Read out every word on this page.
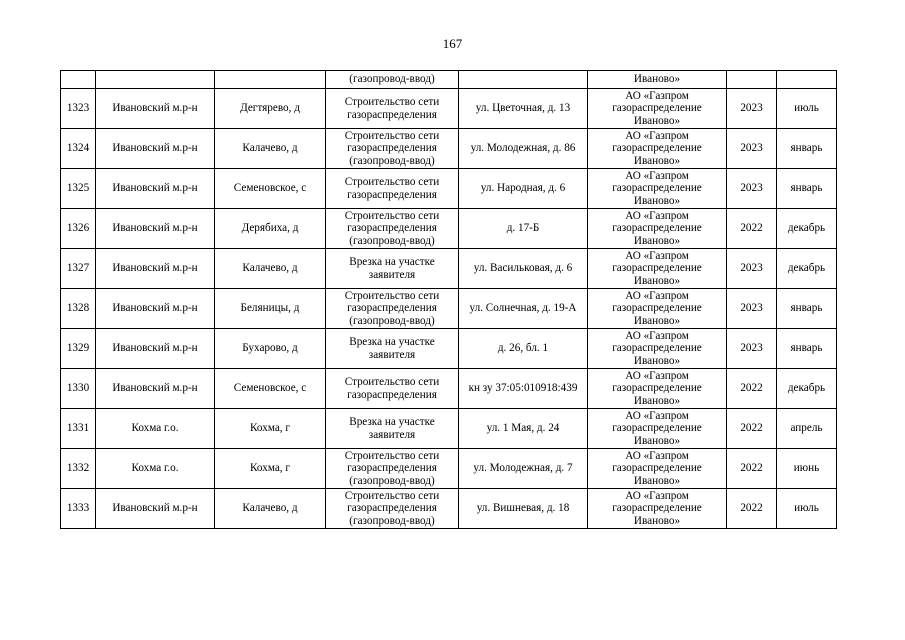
167
			(газопровод-ввод)		Иваново»		
1323	Ивановский м.р-н	Дегтярево, д	Строительство сети газораспределения	ул. Цветочная, д. 13	АО «Газпром газораспределение Иваново»	2023	июль
1324	Ивановский м.р-н	Калачево, д	Строительство сети газораспределения (газопровод-ввод)	ул. Молодежная, д. 86	АО «Газпром газораспределение Иваново»	2023	январь
1325	Ивановский м.р-н	Семеновское, с	Строительство сети газораспределения	ул. Народная, д. 6	АО «Газпром газораспределение Иваново»	2023	январь
1326	Ивановский м.р-н	Дерябиха, д	Строительство сети газораспределения (газопровод-ввод)	д. 17-Б	АО «Газпром газораспределение Иваново»	2022	декабрь
1327	Ивановский м.р-н	Калачево, д	Врезка на участке заявителя	ул. Васильковая, д. 6	АО «Газпром газораспределение Иваново»	2023	декабрь
1328	Ивановский м.р-н	Беляницы, д	Строительство сети газораспределения (газопровод-ввод)	ул. Солнечная, д. 19-А	АО «Газпром газораспределение Иваново»	2023	январь
1329	Ивановский м.р-н	Бухарово, д	Врезка на участке заявителя	д. 26, бл. 1	АО «Газпром газораспределение Иваново»	2023	январь
1330	Ивановский м.р-н	Семеновское, с	Строительство сети газораспределения	кн зу 37:05:010918:439	АО «Газпром газораспределение Иваново»	2022	декабрь
1331	Кохма г.о.	Кохма, г	Врезка на участке заявителя	ул. 1 Мая, д. 24	АО «Газпром газораспределение Иваново»	2022	апрель
1332	Кохма г.о.	Кохма, г	Строительство сети газораспределения (газопровод-ввод)	ул. Молодежная, д. 7	АО «Газпром газораспределение Иваново»	2022	июнь
1333	Ивановский м.р-н	Калачево, д	Строительство сети газораспределения (газопровод-ввод)	ул. Вишневая, д. 18	АО «Газпром газораспределение Иваново»	2022	июль
